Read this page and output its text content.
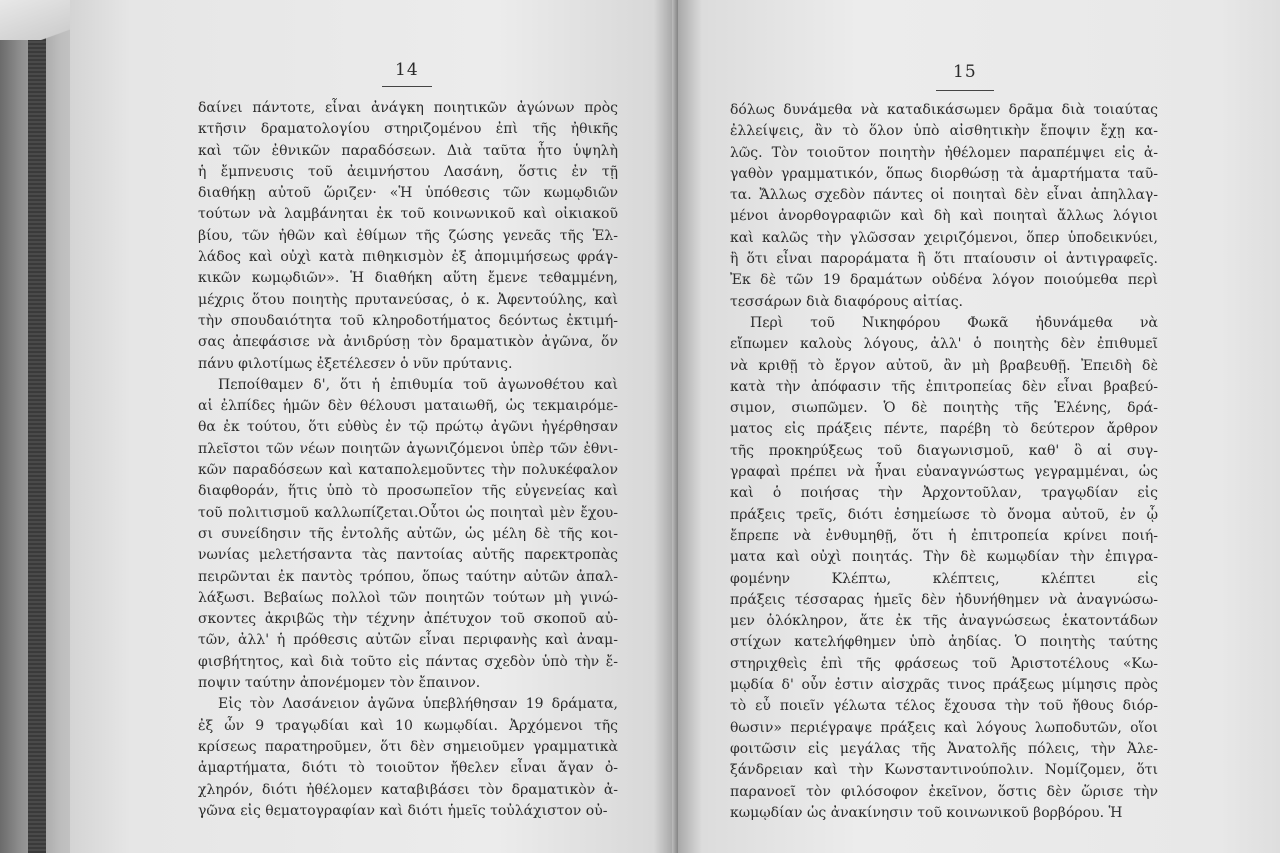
14
δαίνει πάντοτε, εἶναι ἀνάγκη ποιητικῶν ἀγώνων πρὸς
κτῆσιν δραματολογίου στηριζομένου ἐπὶ τῆς ἠθικῆς
καὶ τῶν ἐθνικῶν παραδόσεων. Διὰ ταῦτα ἦτο ὑψηλὴ
ἡ ἔμπνευσις τοῦ ἀειμνήστου Λασάνη, ὅστις ἐν τῇ
διαθήκῃ αὐτοῦ ὥριζεν· «Ἡ ὑπόθεσις τῶν κωμῳδιῶν
τούτων νὰ λαμβάνηται ἐκ τοῦ κοινωνικοῦ καὶ οἰκιακοῦ
βίου, τῶν ἠθῶν καὶ ἐθίμων τῆς ζώσης γενεᾶς τῆς Ἑλ-
λάδος καὶ οὐχὶ κατὰ πιθηκισμὸν ἐξ ἀπομιμήσεως φράγ-
κικῶν κωμῳδιῶν». Ἡ διαθήκη αὕτη ἔμενε τεθαμμένη,
μέχρις ὅτου ποιητὴς πρυτανεύσας, ὁ κ. Ἀφεντούλης, καὶ
τὴν σπουδαιότητα τοῦ κληροδοτήματος δεόντως ἐκτιμή-
σας ἀπεφάσισε νὰ ἀνιδρύσῃ τὸν δραματικὸν ἀγῶνα, ὅν
πάνυ φιλοτίμως ἐξετέλεσεν ὁ νῦν πρύτανις.
Πεποίθαμεν δ', ὅτι ἡ ἐπιθυμία τοῦ ἀγωνοθέτου καὶ
αἱ ἐλπίδες ἡμῶν δὲν θέλουσι ματαιωθῆ, ὡς τεκμαιρόμε-
θα ἐκ τούτου, ὅτι εὐθὺς ἐν τῷ πρώτῳ ἀγῶνι ἠγέρθησαν
πλεῖστοι τῶν νέων ποιητῶν ἀγωνιζόμενοι ὑπὲρ τῶν ἐθνι-
κῶν παραδόσεων καὶ καταπολεμοῦντες τὴν πολυκέφαλον
διαφθοράν, ἥτις ὑπὸ τὸ προσωπεῖον τῆς εὐγενείας καὶ
τοῦ πολιτισμοῦ καλλωπίζεται.Οὗτοι ὡς ποιηταὶ μὲν ἔχου-
σι συνείδησιν τῆς ἐντολῆς αὐτῶν, ὡς μέλη δὲ τῆς κοι-
νωνίας μελετήσαντα τὰς παντοίας αὐτῆς παρεκτροπὰς
πειρῶνται ἐκ παντὸς τρόπου, ὅπως ταύτην αὐτῶν ἀπαλ-
λάξωσι. Βεβαίως πολλοὶ τῶν ποιητῶν τούτων μὴ γινώ-
σκοντες ἀκριβῶς τὴν τέχνην ἀπέτυχον τοῦ σκοποῦ αὐ-
τῶν, ἀλλ' ἡ πρόθεσις αὐτῶν εἶναι περιφανὴς καὶ ἀναμ-
φισβήτητος, καὶ διὰ τοῦτο εἰς πάντας σχεδὸν ὑπὸ τὴν ἔ-
ποψιν ταύτην ἀπονέμομεν τὸν ἔπαινον.
Εἰς τὸν Λασάνειον ἀγῶνα ὑπεβλήθησαν 19 δράματα,
ἐξ ὧν 9 τραγῳδίαι καὶ 10 κωμῳδίαι. Ἀρχόμενοι τῆς
κρίσεως παρατηροῦμεν, ὅτι δὲν σημειοῦμεν γραμματικὰ
ἁμαρτήματα, διότι τὸ τοιοῦτον ἤθελεν εἶναι ἄγαν ὀ-
χληρόν, διότι ἠθέλομεν καταβιβάσει τὸν δραματικὸν ἀ-
γῶνα εἰς θεματογραφίαν καὶ διότι ἡμεῖς τοὐλάχιστον οὐ-
15
δόλως δυνάμεθα νὰ καταδικάσωμεν δρᾶμα διὰ τοιαύτας
ἐλλείψεις, ἂν τὸ ὅλον ὑπὸ αἰσθητικὴν ἔποψιν ἔχῃ κα-
λῶς. Τὸν τοιοῦτον ποιητὴν ἠθέλομεν παραπέμψει εἰς ἀ-
γαθὸν γραμματικόν, ὅπως διορθώσῃ τὰ ἁμαρτήματα ταῦ-
τα. Ἄλλως σχεδὸν πάντες οἱ ποιηταὶ δὲν εἶναι ἀπηλλαγ-
μένοι ἀνορθογραφιῶν καὶ δὴ καὶ ποιηταὶ ἄλλως λόγιοι
καὶ καλῶς τὴν γλῶσσαν χειριζόμενοι, ὅπερ ὑποδεικνύει,
ἢ ὅτι εἶναι παροράματα ἢ ὅτι πταίουσιν οἱ ἀντιγραφεῖς.
Ἐκ δὲ τῶν 19 δραμάτων οὐδένα λόγον ποιούμεθα περὶ
τεσσάρων διὰ διαφόρους αἰτίας.
Περὶ τοῦ Νικηφόρου Φωκᾶ ἠδυνάμεθα νὰ
εἴπωμεν καλοὺς λόγους, ἀλλ' ὁ ποιητὴς δὲν ἐπιθυμεῖ
νὰ κριθῇ τὸ ἔργον αὐτοῦ, ἂν μὴ βραβευθῇ. Ἐπειδὴ δὲ
κατὰ τὴν ἀπόφασιν τῆς ἐπιτροπείας δὲν εἶναι βραβεύ-
σιμον, σιωπῶμεν. Ὁ δὲ ποιητὴς τῆς Ἑλένης, δρά-
ματος εἰς πράξεις πέντε, παρέβη τὸ δεύτερον ἄρθρον
τῆς προκηρύξεως τοῦ διαγωνισμοῦ, καθ' ὃ αἱ συγ-
γραφαὶ πρέπει νὰ ἦναι εὐαναγνώστως γεγραμμέναι, ὡς
καὶ ὁ ποιήσας τὴν Ἀρχοντοῦλαν, τραγῳδίαν εἰς
πράξεις τρεῖς, διότι ἐσημείωσε τὸ ὄνομα αὐτοῦ, ἐν ᾧ
ἔπρεπε νὰ ἐνθυμηθῇ, ὅτι ἡ ἐπιτροπεία κρίνει ποιή-
ματα καὶ οὐχὶ ποιητάς. Τὴν δὲ κωμῳδίαν τὴν ἐπιγρα-
φομένην Κλέπτω, κλέπτεις, κλέπτει εἰς
πράξεις τέσσαρας ἡμεῖς δὲν ἠδυνήθημεν νὰ ἀναγνώσω-
μεν ὁλόκληρον, ἅτε ἐκ τῆς ἀναγνώσεως ἑκατοντάδων
στίχων κατελήφθημεν ὑπὸ ἀηδίας. Ὁ ποιητὴς ταύτης
στηριχθεὶς ἐπὶ τῆς φράσεως τοῦ Ἀριστοτέλους «Κω-
μῳδία δ' οὖν ἐστιν αἰσχρᾶς τινος πράξεως μίμησις πρὸς
τὸ εὖ ποιεῖν γέλωτα τέλος ἔχουσα τὴν τοῦ ἤθους διόρ-
θωσιν» περιέγραψε πράξεις καὶ λόγους λωποδυτῶν, οἵοι
φοιτῶσιν εἰς μεγάλας τῆς Ἀνατολῆς πόλεις, τὴν Ἀλε-
ξάνδρειαν καὶ τὴν Κωνσταντινούπολιν. Νομίζομεν, ὅτι
παρανοεῖ τὸν φιλόσοφον ἐκεῖνον, ὅστις δὲν ὥρισε τὴν
κωμῳδίαν ὡς ἀνακίνησιν τοῦ κοινωνικοῦ βορβόρου. Ἡ
